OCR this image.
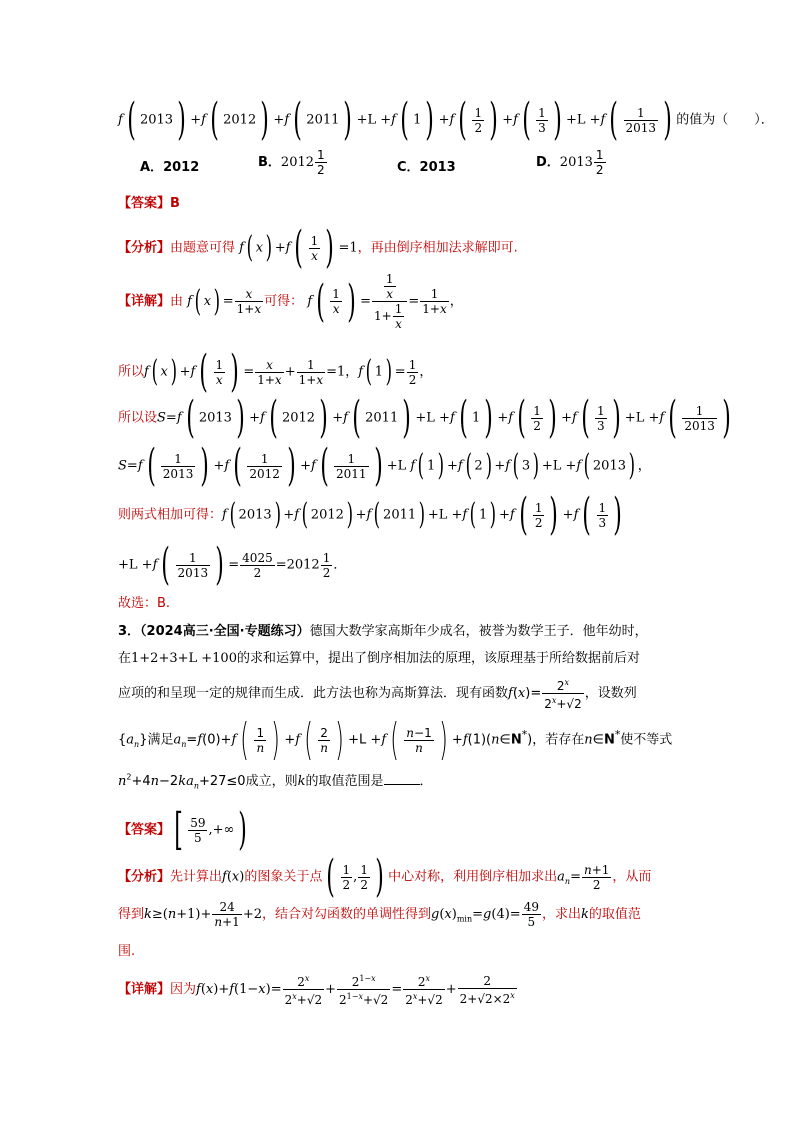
f( 2013) +f( 2012) +f( 2011) +L +f( $1) +f( \frac{1}{2}$ ) $+f( \frac{1}{3}$ ) $+L +f( \frac{1}{2013}$ ) 的值为（　　）．
A．2012	B．$2012 \frac{1}{2}$	C．2013	D．$2013 \frac{1}{2}$
【答案】B
【分析】由题意可得 f( $x) +f( \frac{1}{x}$ ) =1，再由倒序相加法求解即可.
【详解】由 f( $x) = \frac{x}{1+x}$ 可得： $f( \frac{1}{x}$ ) = $\frac{\frac{1}{x}}{1+ \frac{1}{x}} = \frac{1}{1+x}$ ，
所以f( $x) +f( \frac{1}{x}$ ) = $\frac{x}{1+x} + \frac{1}{1+x} =1$，f( $1) = \frac{1}{2}$ ，
所以设S=f( 2013) +f( 2012) +f( 2011) +L +f( $1) +f( \frac{1}{2}$ ) $+f( \frac{1}{3}$ ) $+L +f( \frac{1}{2013}$ )
$S=f( \frac{1}{2013}$ ) $+f( \frac{1}{2012}$ ) $+f( \frac{1}{2011}$ ) +L f( 1) +f( 2) +f( 3) +L +f( 2013) ，
则两式相加可得：f( 2013) +f( 2012) +f( 2011) +L +f( $1) +f( \frac{1}{2}$ ) $+f( \frac{1}{3}$ )
$+L +f( \frac{1}{2013}$ ) = $\frac{4025}{2} =2012 \frac{1}{2}$ ．
故选：B.
3．（2024高三·全国·专题练习）德国大数学家高斯年少成名，被誉为数学王子．他年幼时，
在1+2+3+L +100的求和运算中，提出了倒序相加法的原理，该原理基于所给数据前后对
应项的和呈现一定的规律而生成．此方法也称为高斯算法．现有函数$f(x)= \frac{2^x}{2^x+√2}$ ，设数列
$\{a_n\}$满足$a_n=f(0)+f( \frac{1}{n}$ ) $+f( \frac{2}{n}$ ) $+L +f( \frac{n-1}{n}$ ) +f(1)(n∈N*)，若存在n∈N*使不等式
$n^2+4n-2ka_n+27\le 0$成立，则k的取值范围是	．
【答案】[ $\frac{59}{5}$ ,+∞)
【分析】先计算出f(x)的图象关于点( $\frac{1}{2}$ , $\frac{1}{2}$ ) 中心对称，利用倒序相加求出$a_n= \frac{n+1}{2}$ ，从而
得到$k\ge(n+1)+ \frac{24}{n+1} +2$，结合对勾函数的单调性得到$g(x)_{min}=g(4)= \frac{49}{5}$ ，求出k的取值范
围.
【详解】因为$f(x)+f(1-x)= \frac{2^x}{2^x+√2} + \frac{2^{1-x}}{2^{1-x}+√2} = \frac{2^x}{2^x+√2} + \frac{2}{2+√2\times 2^x}$
